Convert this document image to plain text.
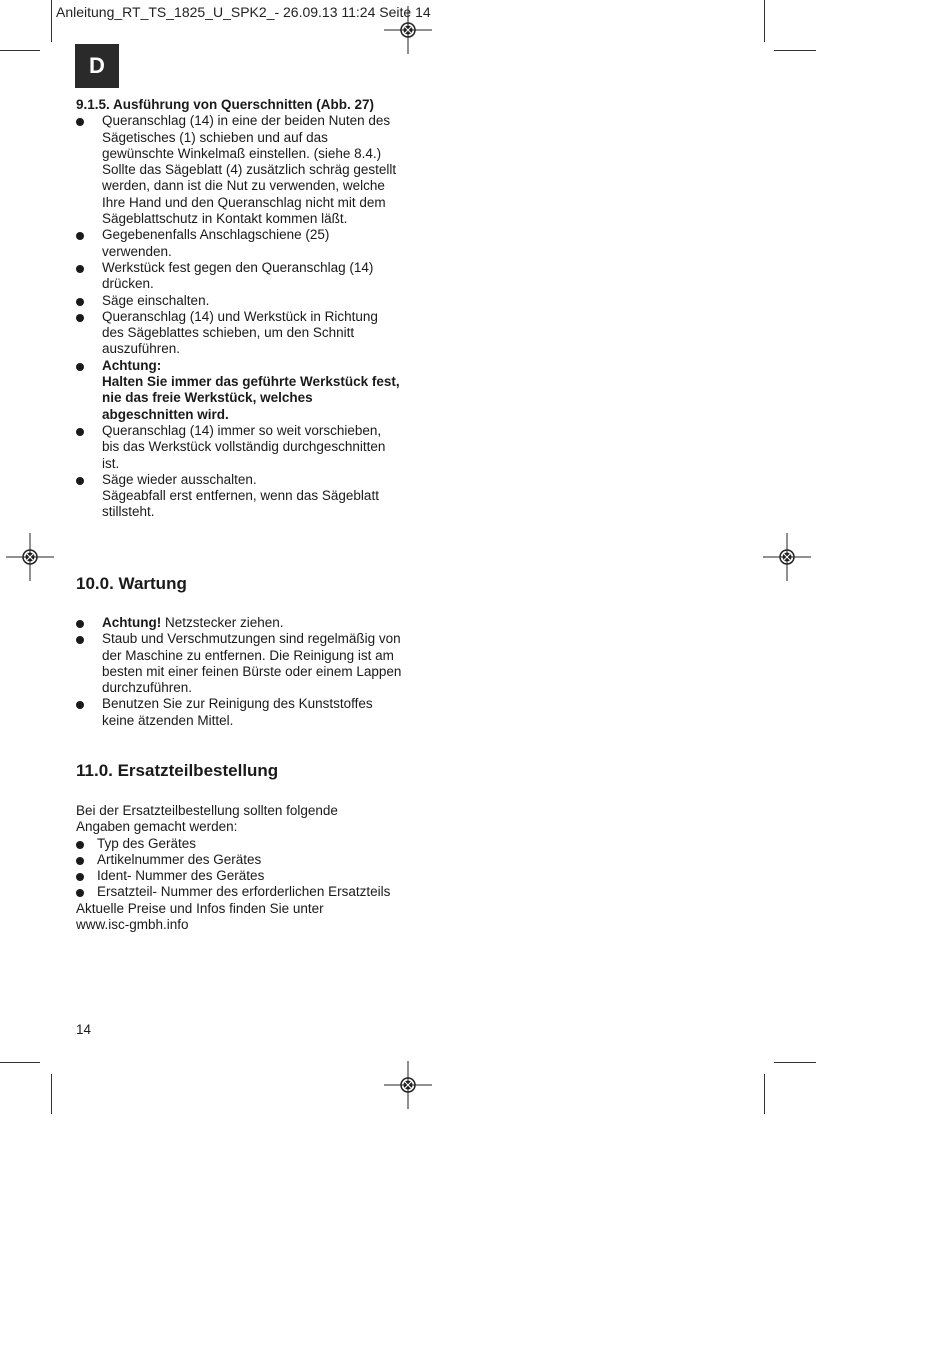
Anleitung_RT_TS_1825_U_SPK2_- 26.09.13 11:24 Seite 14
D

9.1.5. Ausführung von Querschnitten (Abb. 27)

Queranschlag (14) in eine der beiden Nuten des Sägetisches (1) schieben und auf das gewünschte Winkelmaß einstellen. (siehe 8.4.) Sollte das Sägeblatt (4) zusätzlich schräg gestellt werden, dann ist die Nut zu verwenden, welche Ihre Hand und den Queranschlag nicht mit dem Sägeblattschutz in Kontakt kommen läßt.
Gegebenenfalls Anschlagschiene (25) verwenden.
Werkstück fest gegen den Queranschlag (14) drücken.
Säge einschalten.
Queranschlag (14) und Werkstück in Richtung des Sägeblattes schieben, um den Schnitt auszuführen.
Achtung:
Halten Sie immer das geführte Werkstück fest, nie das freie Werkstück, welches abgeschnitten wird.
Queranschlag (14) immer so weit vorschieben, bis das Werkstück vollständig durchgeschnitten ist.
Säge wieder ausschalten.
Sägeabfall erst entfernen, wenn das Sägeblatt stillsteht.
10.0. Wartung
Achtung! Netzstecker ziehen.
Staub und Verschmutzungen sind regelmäßig von der Maschine zu entfernen. Die Reinigung ist am besten mit einer feinen Bürste oder einem Lappen durchzuführen.
Benutzen Sie zur Reinigung des Kunststoffes keine ätzenden Mittel.
11.0. Ersatzteilbestellung
Bei der Ersatzteilbestellung sollten folgende Angaben gemacht werden:
Typ des Gerätes
Artikelnummer des Gerätes
Ident- Nummer des Gerätes
Ersatzteil- Nummer des erforderlichen Ersatzteils
Aktuelle Preise und Infos finden Sie unter
www.isc-gmbh.info
14
